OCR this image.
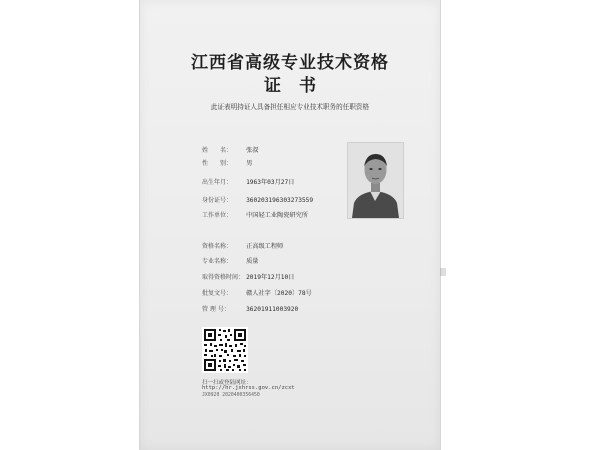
江西省高级专业技术资格
证书
此证表明持证人具备担任相应专业技术职务的任职资格
姓　　名： 张叔
性　　别： 男
出生年月： 1963年03月27日
身份证号： 360203196303273559
工作单位： 中国轻工业陶瓷研究所
资格名称： 正高级工程师
专业名称： 质量
取得资格时间： 2019年12月10日
批复文号： 赣人社字〔2020〕78号
管 理 号：	36201911003920
扫一扫或登陆网址：
http://hr.jxhrss.gov.cn/zcxt
JX0920 2020400356450
